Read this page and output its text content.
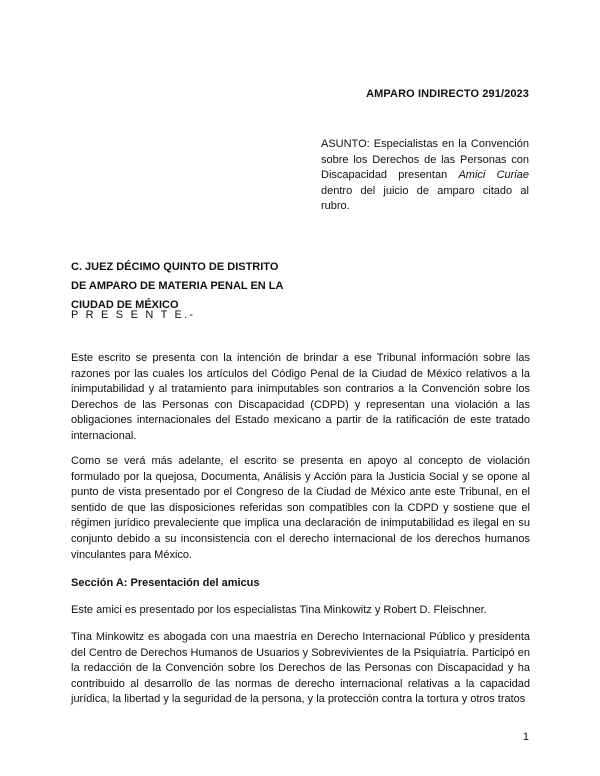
AMPARO INDIRECTO 291/2023
ASUNTO: Especialistas en la Convención sobre los Derechos de las Personas con Discapacidad presentan Amici Curiae dentro del juicio de amparo citado al rubro.
C. JUEZ DÉCIMO QUINTO DE DISTRITO
DE AMPARO DE MATERIA PENAL EN LA
CIUDAD DE MÉXICO
P R E S E N T E.-

Este escrito se presenta con la intención de brindar a ese Tribunal información sobre las razones por las cuales los artículos del Código Penal de la Ciudad de México relativos a la inimputabilidad y al tratamiento para inimputables son contrarios a la Convención sobre los Derechos de las Personas con Discapacidad (CDPD) y representan una violación a las obligaciones internacionales del Estado mexicano a partir de la ratificación de este tratado internacional.

Como se verá más adelante, el escrito se presenta en apoyo al concepto de violación formulado por la quejosa, Documenta, Análisis y Acción para la Justicia Social y se opone al punto de vista presentado por el Congreso de la Ciudad de México ante este Tribunal, en el sentido de que las disposiciones referidas son compatibles con la CDPD y sostiene que el régimen jurídico prevaleciente que implica una declaración de inimputabilidad es ilegal en su conjunto debido a su inconsistencia con el derecho internacional de los derechos humanos vinculantes para México.

Sección A: Presentación del amicus

Este amici es presentado por los especialistas Tina Minkowitz y Robert D. Fleischner.

Tina Minkowitz es abogada con una maestría en Derecho Internacional Público y presidenta del Centro de Derechos Humanos de Usuarios y Sobrevivientes de la Psiquiatría. Participó en la redacción de la Convención sobre los Derechos de las Personas con Discapacidad y ha contribuido al desarrollo de las normas de derecho internacional relativas a la capacidad jurídica, la libertad y la seguridad de la persona, y la protección contra la tortura y otros tratos

1
